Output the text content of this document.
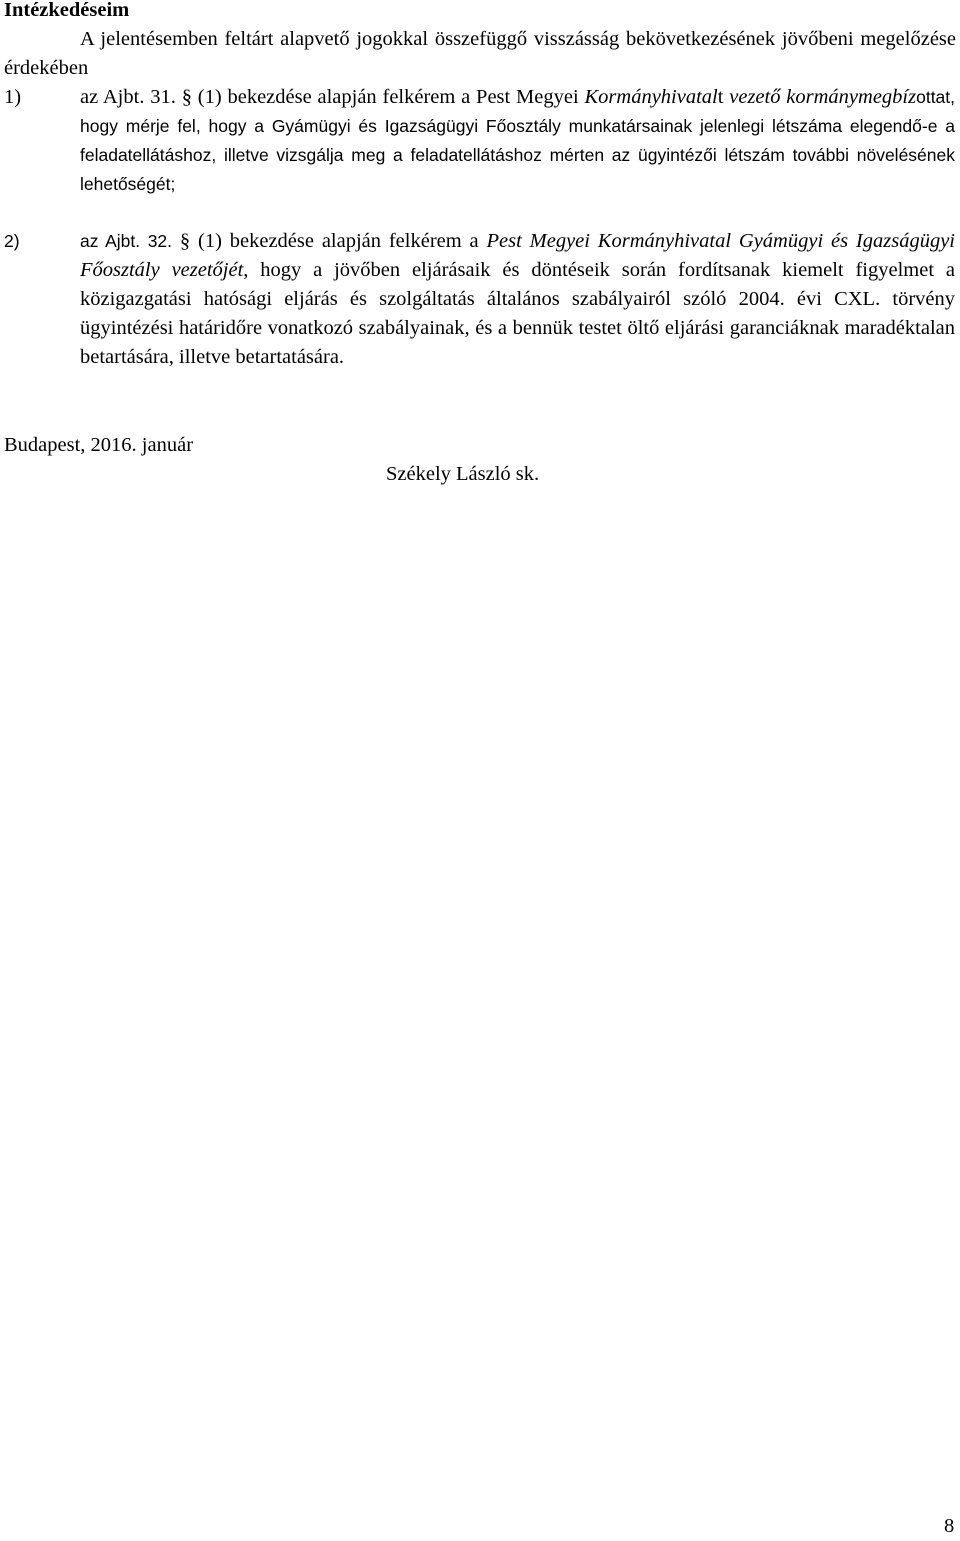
Intézkedéseim
A jelentésemben feltárt alapvető jogokkal összefüggő visszásság bekövetkezésének jövőbeni megelőzése érdekében
1)	az Ajbt. 31. § (1) bekezdése alapján felkérem a Pest Megyei Kormányhivatalt vezető kormánymegbízottat, hogy mérje fel, hogy a Gyámügyi és Igazságügyi Főosztály munkatársainak jelenlegi létszáma elegendő-e a feladatellátáshoz, illetve vizsgálja meg a feladatellátáshoz mérten az ügyintézői létszám további növelésének lehetőségét;
2)	az Ajbt. 32. § (1) bekezdése alapján felkérem a Pest Megyei Kormányhivatal Gyámügyi és Igazságügyi Főosztály vezetőjét, hogy a jövőben eljárásaik és döntéseik során fordítsanak kiemelt figyelmet a közigazgatási hatósági eljárás és szolgáltatás általános szabályairól szóló 2004. évi CXL. törvény ügyintézési határidőre vonatkozó szabályainak, és a bennük testet öltő eljárási garanciáknak maradéktalan betartására, illetve betartatására.
Budapest, 2016. január
Székely László sk.
8
